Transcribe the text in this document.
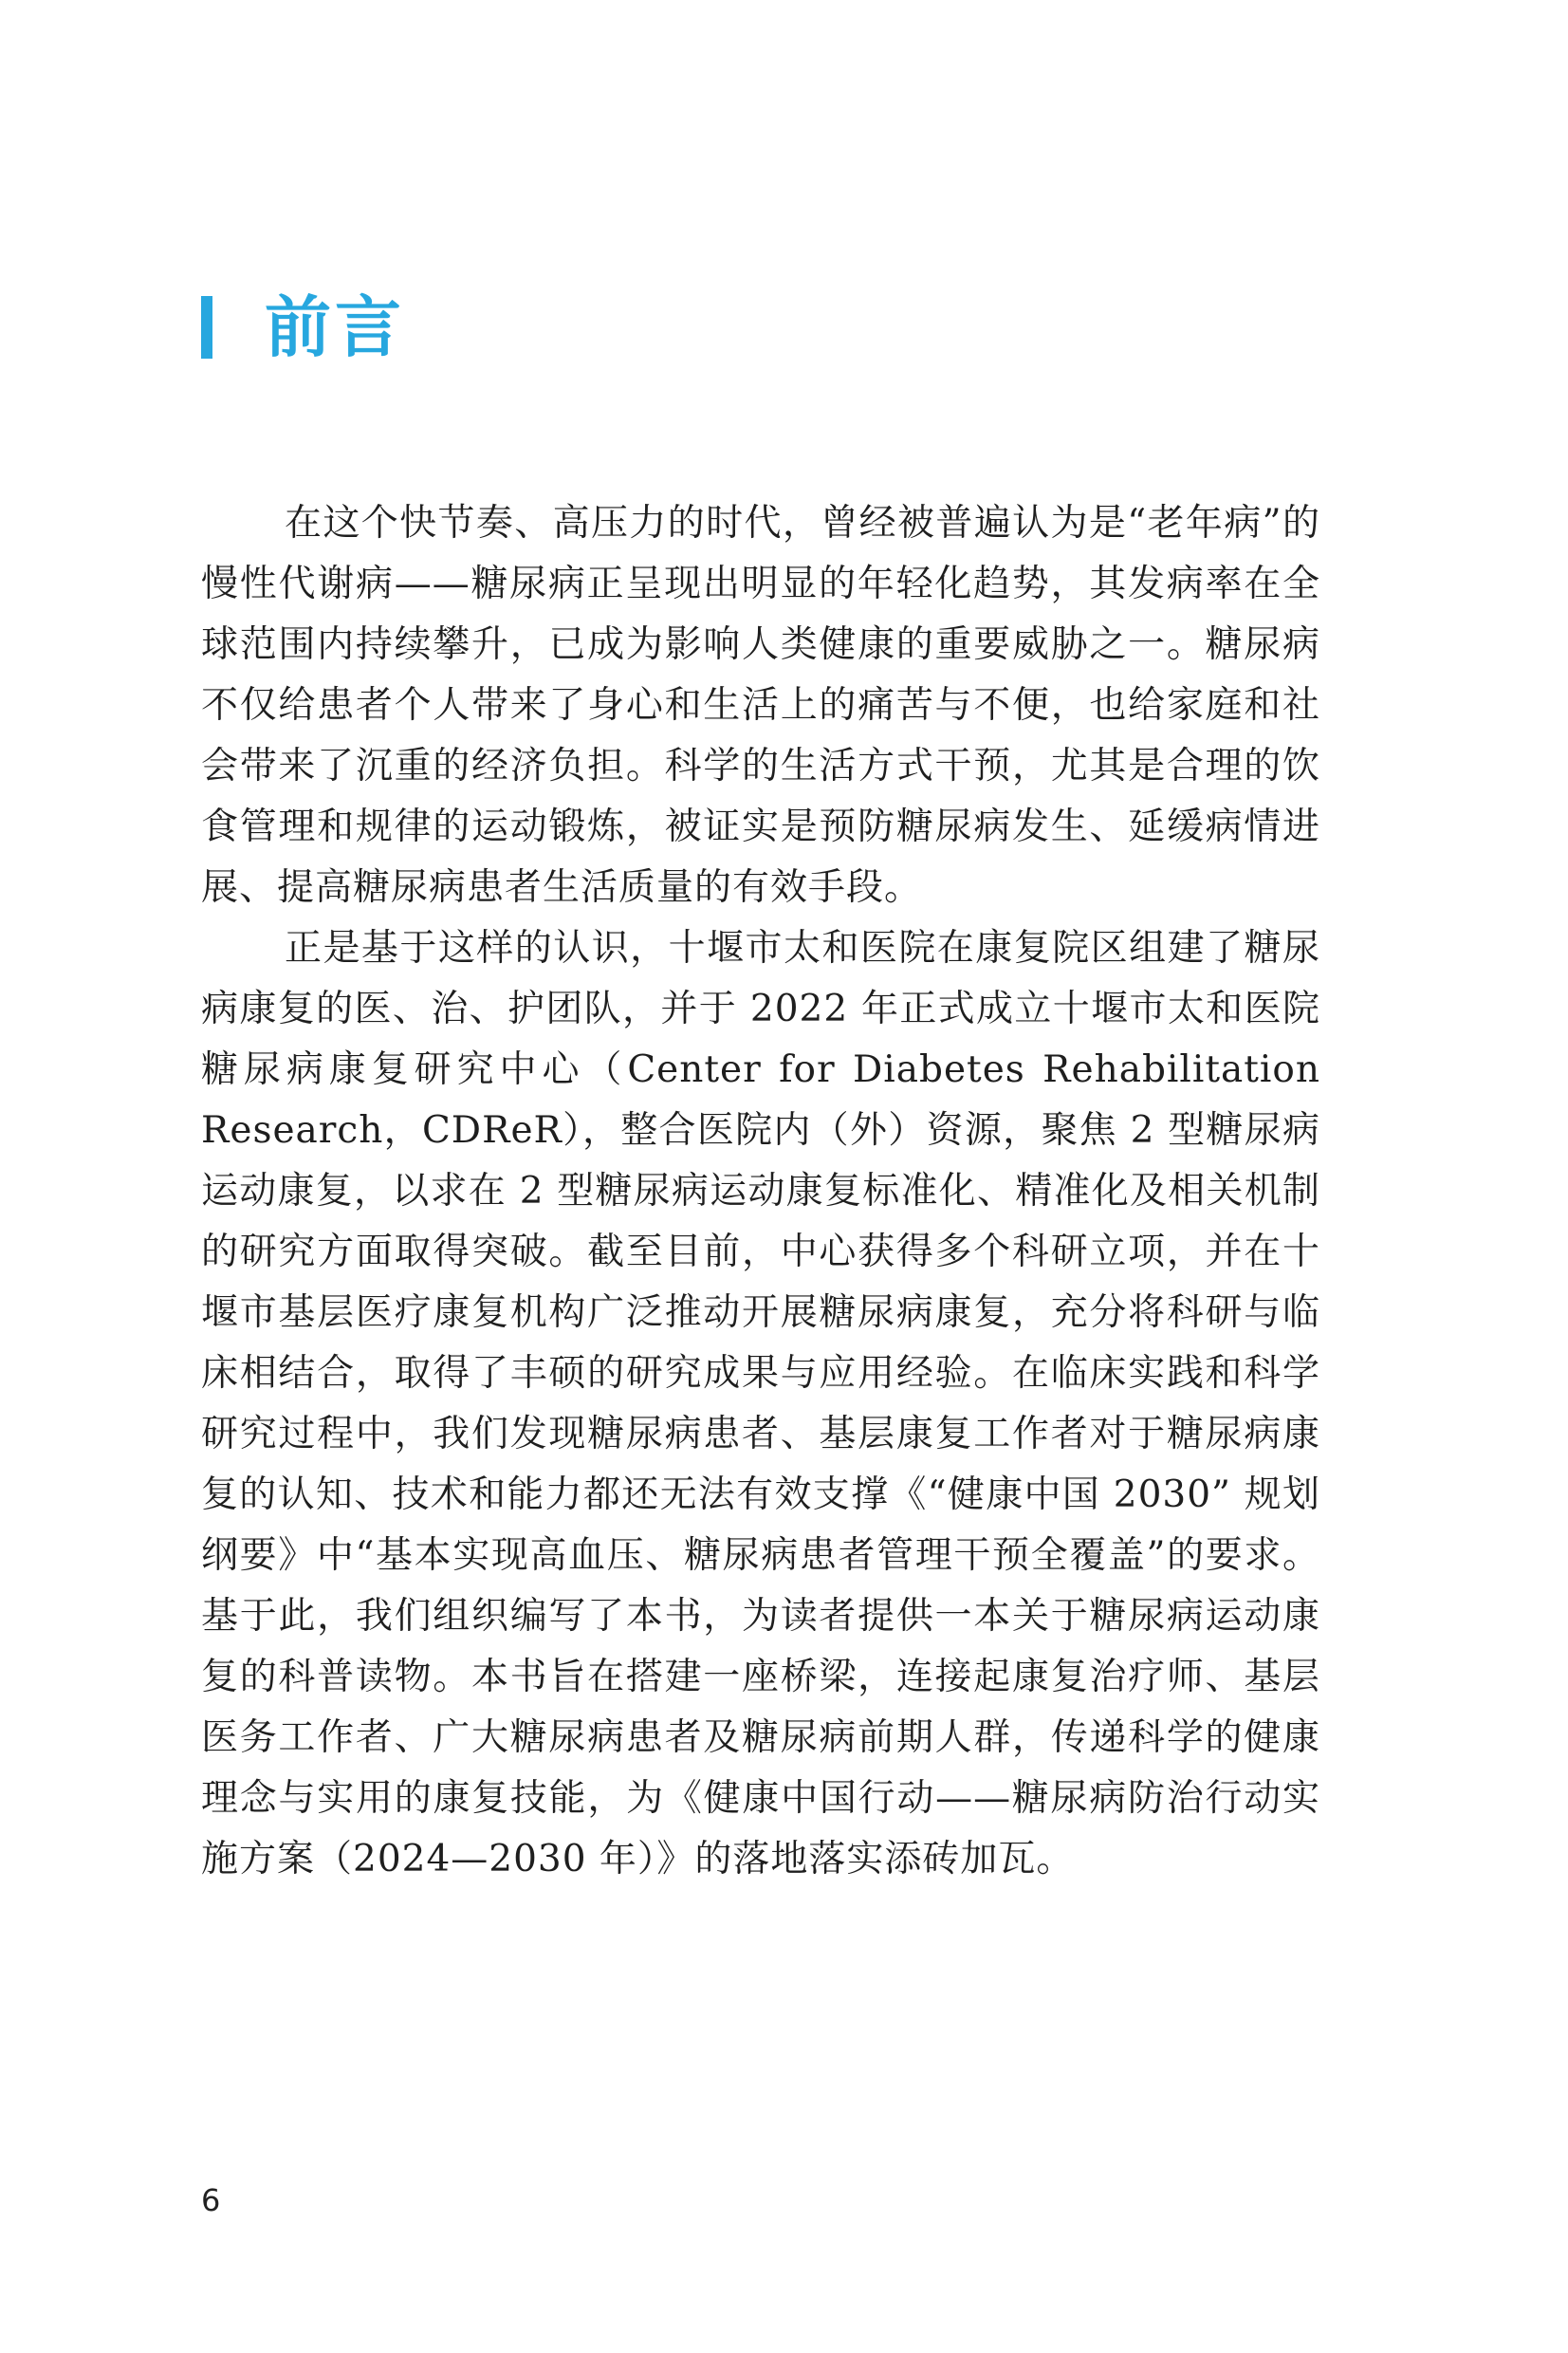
前言

在这个快节奏、高压力的时代，曾经被普遍认为是“老年病”的慢性代谢病——糖尿病正呈现出明显的年轻化趋势，其发病率在全球范围内持续攀升，已成为影响人类健康的重要威胁之一。糖尿病不仅给患者个人带来了身心和生活上的痛苦与不便，也给家庭和社会带来了沉重的经济负担。科学的生活方式干预，尤其是合理的饮食管理和规律的运动锻炼，被证实是预防糖尿病发生、延缓病情进展、提高糖尿病患者生活质量的有效手段。

正是基于这样的认识，十堰市太和医院在康复院区组建了糖尿病康复的医、治、护团队，并于 2022 年正式成立十堰市太和医院糖尿病康复研究中心（Center for Diabetes Rehabilitation Research，CDReR），整合医院内（外）资源，聚焦 2 型糖尿病运动康复，以求在 2 型糖尿病运动康复标准化、精准化及相关机制的研究方面取得突破。截至目前，中心获得多个科研立项，并在十堰市基层医疗康复机构广泛推动开展糖尿病康复，充分将科研与临床相结合，取得了丰硕的研究成果与应用经验。在临床实践和科学研究过程中，我们发现糖尿病患者、基层康复工作者对于糖尿病康复的认知、技术和能力都还无法有效支撑《“健康中国 2030” 规划纲要》中“基本实现高血压、糖尿病患者管理干预全覆盖”的要求。基于此，我们组织编写了本书，为读者提供一本关于糖尿病运动康复的科普读物。本书旨在搭建一座桥梁，连接起康复治疗师、基层医务工作者、广大糖尿病患者及糖尿病前期人群，传递科学的健康理念与实用的康复技能，为《健康中国行动——糖尿病防治行动实施方案（2024—2030 年）》的落地落实添砖加瓦。

6
